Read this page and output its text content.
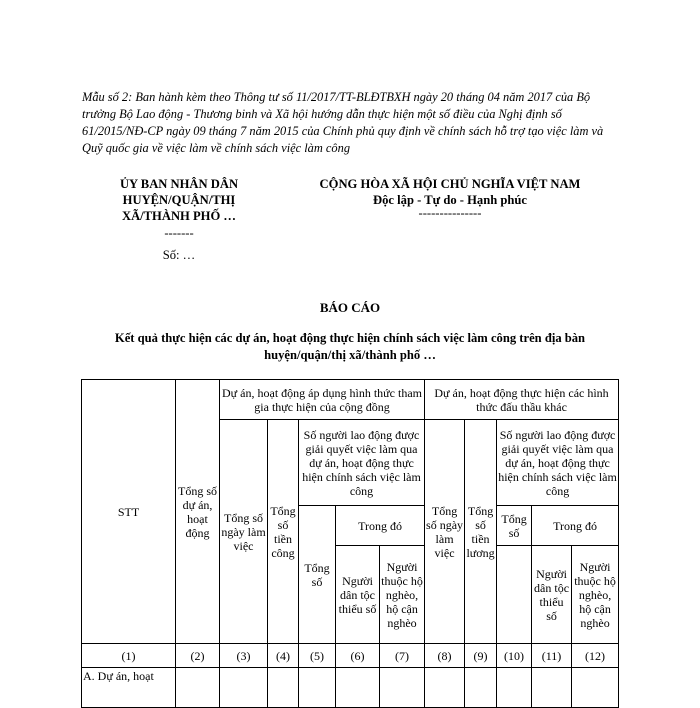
Mẫu số 2: Ban hành kèm theo Thông tư số 11/2017/TT-BLĐTBXH ngày 20 tháng 04 năm 2017 của Bộ trưởng Bộ Lao động - Thương binh và Xã hội hướng dẫn thực hiện một số điều của Nghị định số 61/2015/NĐ-CP ngày 09 tháng 7 năm 2015 của Chính phủ quy định về chính sách hỗ trợ tạo việc làm và Quỹ quốc gia về việc làm về chính sách việc làm công

ỦY BAN NHÂN DÂN
HUYỆN/QUẬN/THỊ
XÃ/THÀNH PHỐ …
-------
Số: …
CỘNG HÒA XÃ HỘI CHỦ NGHĨA VIỆT NAM
Độc lập - Tự do - Hạnh phúc
---------------
BÁO CÁO
Kết quả thực hiện các dự án, hoạt động thực hiện chính sách việc làm công trên địa bàn huyện/quận/thị xã/thành phố …
STT	Tổng số dự án, hoạt động	Dự án, hoạt động áp dụng hình thức tham gia thực hiện của cộng đồng					Dự án, hoạt động thực hiện các hình thức đấu thầu khác				
		Tổng số ngày làm việc	Tổng số tiền công	Số người lao động được giải quyết việc làm qua dự án, hoạt động thực hiện chính sách việc làm công			Tổng số ngày làm việc	Tổng số tiền lương	Số người lao động được giải quyết việc làm qua dự án, hoạt động thực hiện chính sách việc làm công		
				Tổng số	Trong đó				Tổng số	Trong đó	
					Người dân tộc thiểu số	Người thuộc hộ nghèo, hộ cận nghèo				Người dân tộc thiểu số	Người thuộc hộ nghèo, hộ cận nghèo

(1)	(2)	(3)	(4)	(5)	(6)	(7)	(8)	(9)	(10)	(11)	(12)
A. Dự án, hoạt											
